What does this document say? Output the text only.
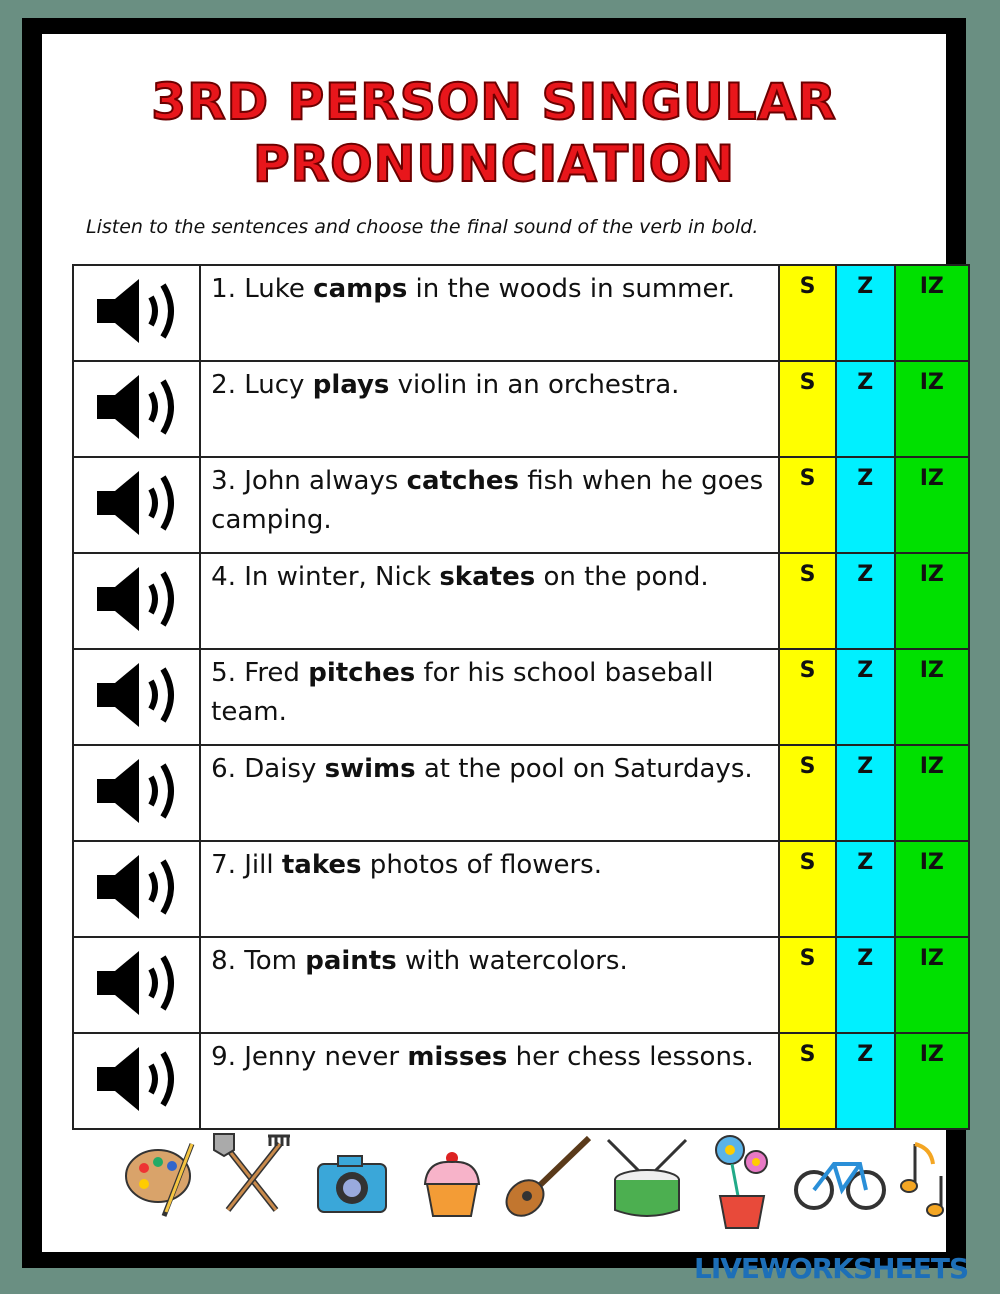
3RD PERSON SINGULAR
PRONUNCIATION
Listen to the sentences and choose the final sound of the verb in bold.
	1. Luke camps in the woods in summer.	S	Z	IZ
	2. Lucy plays violin in an orchestra.	S	Z	IZ
	3. John always catches fish when he goes camping.	S	Z	IZ
	4. In winter, Nick skates on the pond.	S	Z	IZ
	5. Fred pitches for his school baseball team.	S	Z	IZ
	6. Daisy swims at the pool on Saturdays.	S	Z	IZ
	7. Jill takes photos of flowers.	S	Z	IZ
	8. Tom paints with watercolors.	S	Z	IZ
	9. Jenny never misses her chess lessons.	S	Z	IZ
LIVEWORKSHEETS
